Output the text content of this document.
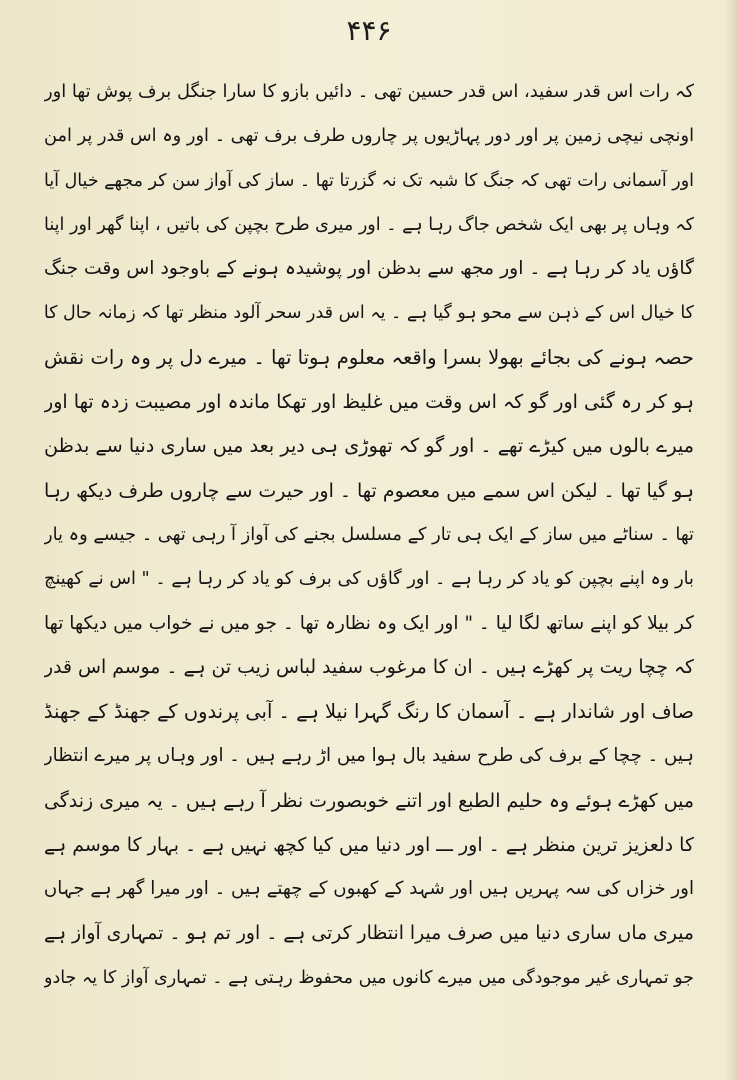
۴۴۶
کہ رات اس قدر سفید، اس قدر حسین تھی ۔ دائیں بازو کا سارا جنگل برف پوش تھا اور
اونچی نیچی زمین پر اور دور پہاڑیوں پر چاروں طرف برف تھی ۔ اور وہ اس قدر پر امن
اور آسمانی رات تھی کہ جنگ کا شبہ تک نہ گزرتا تھا ۔ ساز کی آواز سن کر مجھے خیال آیا
کہ وہاں پر بھی ایک شخص جاگ رہا ہے ۔ اور میری طرح بچپن کی باتیں ، اپنا گھر اور اپنا
گاؤں یاد کر رہا ہے ۔ اور مجھ سے بدظن اور پوشیدہ ہونے کے باوجود اس وقت جنگ
کا خیال اس کے ذہن سے محو ہو گیا ہے ۔ یہ اس قدر سحر آلود منظر تھا کہ زمانہ حال کا
حصہ ہونے کی بجائے بھولا بسرا واقعہ معلوم ہوتا تھا ۔ میرے دل پر وہ رات نقش
ہو کر رہ گئی اور گو کہ اس وقت میں غلیظ اور تھکا ماندہ اور مصیبت زدہ تھا اور
میرے بالوں میں کیڑے تھے ۔ اور گو کہ تھوڑی ہی دیر بعد میں ساری دنیا سے بدظن
ہو گیا تھا ۔ لیکن اس سمے میں معصوم تھا ۔ اور حیرت سے چاروں طرف دیکھ رہا
تھا ۔ سناٹے میں ساز کے ایک ہی تار کے مسلسل بجنے کی آواز آ رہی تھی ۔ جیسے وہ یار
بار وہ اپنے بچپن کو یاد کر رہا ہے ۔ اور گاؤں کی برف کو یاد کر رہا ہے ۔ " اس نے کھینچ
کر بیلا کو اپنے ساتھ لگا لیا ۔ " اور ایک وہ نظارہ تھا ۔ جو میں نے خواب میں دیکھا تھا
کہ چچا ریت پر کھڑے ہیں ۔ ان کا مرغوب سفید لباس زیب تن ہے ۔ موسم اس قدر
صاف اور شاندار ہے ۔ آسمان کا رنگ گہرا نیلا ہے ۔ آبی پرندوں کے جھنڈ کے جھنڈ
ہیں ۔ چچا کے برف کی طرح سفید بال ہوا میں اڑ رہے ہیں ۔ اور وہاں پر میرے انتظار
میں کھڑے ہوئے وہ حلیم الطبع اور اتنے خوبصورت نظر آ رہے ہیں ۔ یہ میری زندگی
کا دلعزیز ترین منظر ہے ۔ اور ـــ اور دنیا میں کیا کچھ نہیں ہے ۔ بہار کا موسم ہے
اور خزاں کی سہ پہریں ہیں اور شہد کے کھبوں کے چھتے ہیں ۔ اور میرا گھر ہے جہاں
میری ماں ساری دنیا میں صرف میرا انتظار کرتی ہے ۔ اور تم ہو ۔ تمہاری آواز ہے
جو تمہاری غیر موجودگی میں میرے کانوں میں محفوظ رہتی ہے ۔ تمہاری آواز کا یہ جادو
